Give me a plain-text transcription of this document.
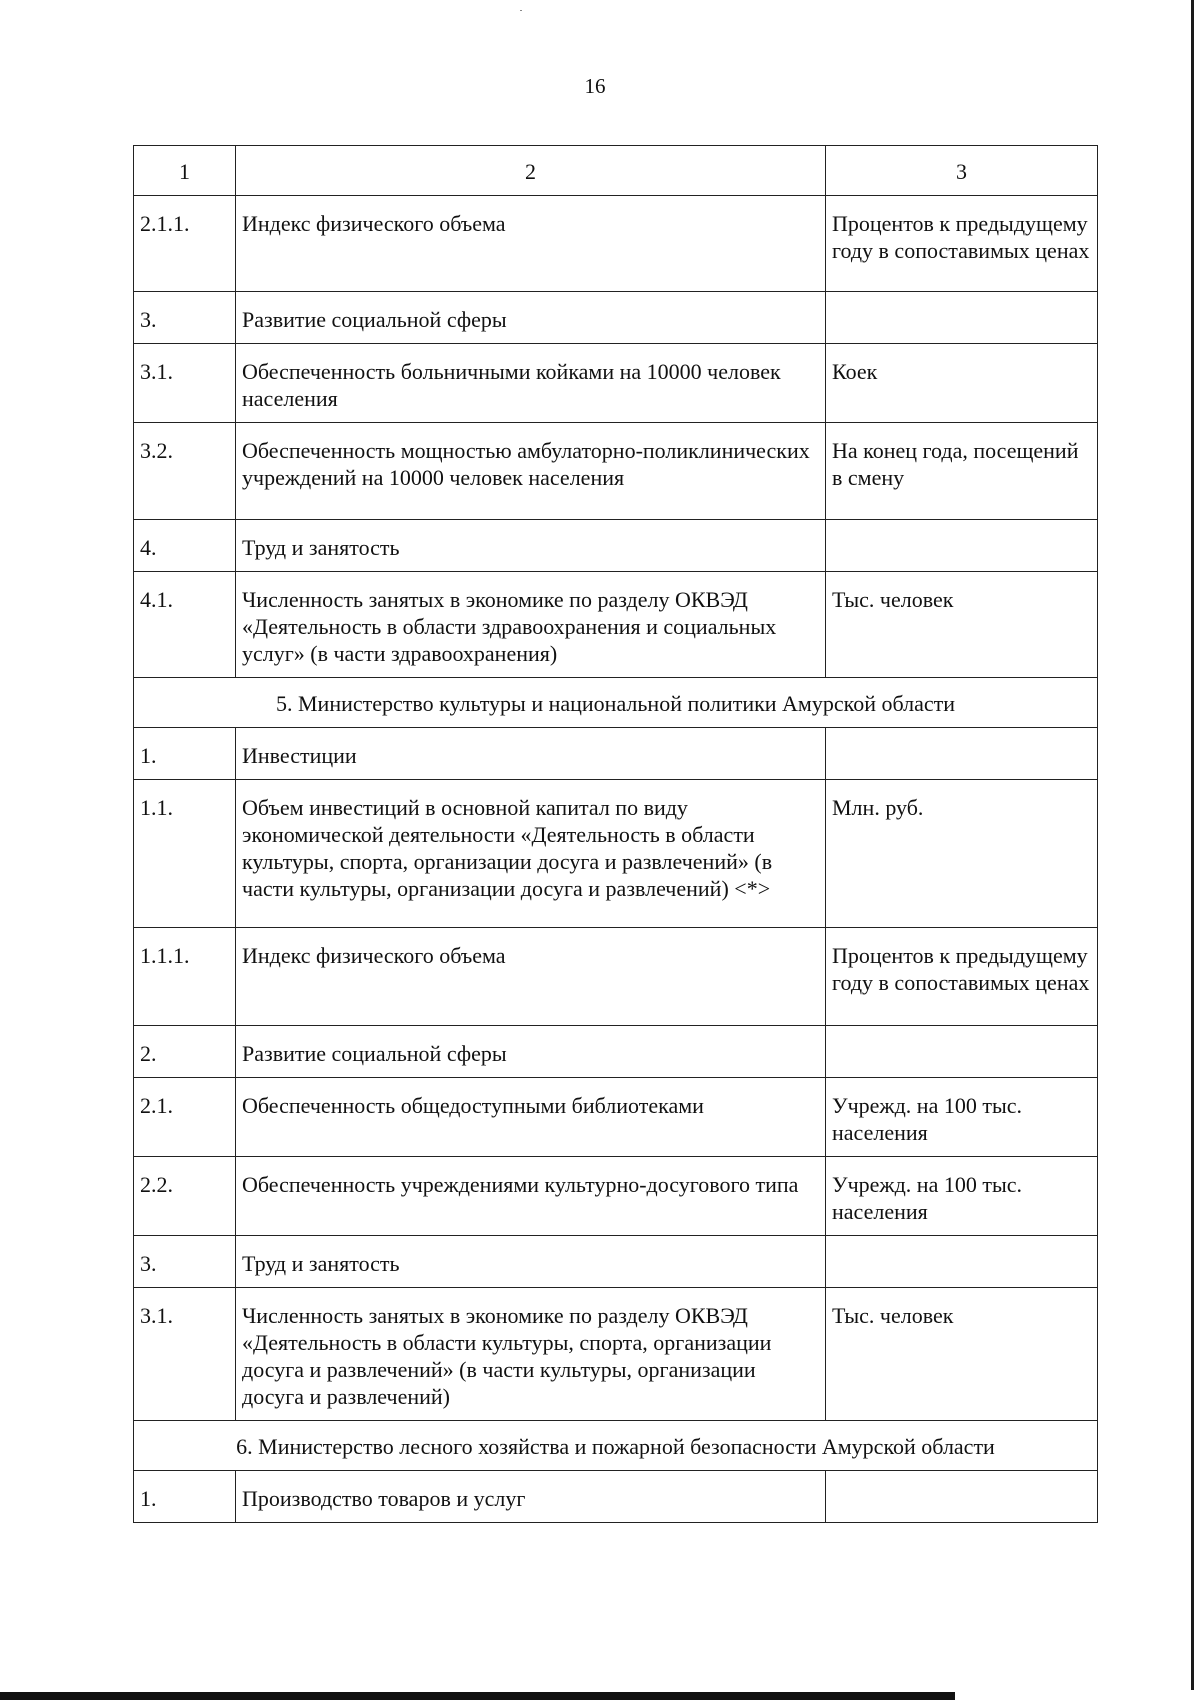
16
1	2	3
2.1.1.	Индекс физического объема	Процентов к предыдущему году в сопоставимых ценах
3.	Развитие социальной сферы	
3.1.	Обеспеченность больничными койками на 10000 человек населения	Коек
3.2.	Обеспеченность мощностью амбулаторно-поликлинических учреждений на 10000 человек населения	На конец года, посещений в смену
4.	Труд и занятость	
4.1.	Численность занятых в экономике по разделу ОКВЭД «Деятельность в области здравоохранения и социальных услуг» (в части здравоохранения)	Тыс. человек
5. Министерство культуры и национальной политики Амурской области		
1.	Инвестиции	
1.1.	Объем инвестиций в основной капитал по виду экономической деятельности «Деятельность в области культуры, спорта, организации досуга и развлечений» (в части культуры, организации досуга и развлечений) <*>	Млн. руб.
1.1.1.	Индекс физического объема	Процентов к предыдущему году в сопоставимых ценах
2.	Развитие социальной сферы	
2.1.	Обеспеченность общедоступными библиотеками	Учрежд. на 100 тыс. населения
2.2.	Обеспеченность учреждениями культурно-досугового типа	Учрежд. на 100 тыс. населения
3.	Труд и занятость	
3.1.	Численность занятых в экономике по разделу ОКВЭД «Деятельность в области культуры, спорта, организации досуга и развлечений» (в части культуры, организации досуга и развлечений)	Тыс. человек
6. Министерство лесного хозяйства и пожарной безопасности Амурской области		
1.	Производство товаров и услуг	
